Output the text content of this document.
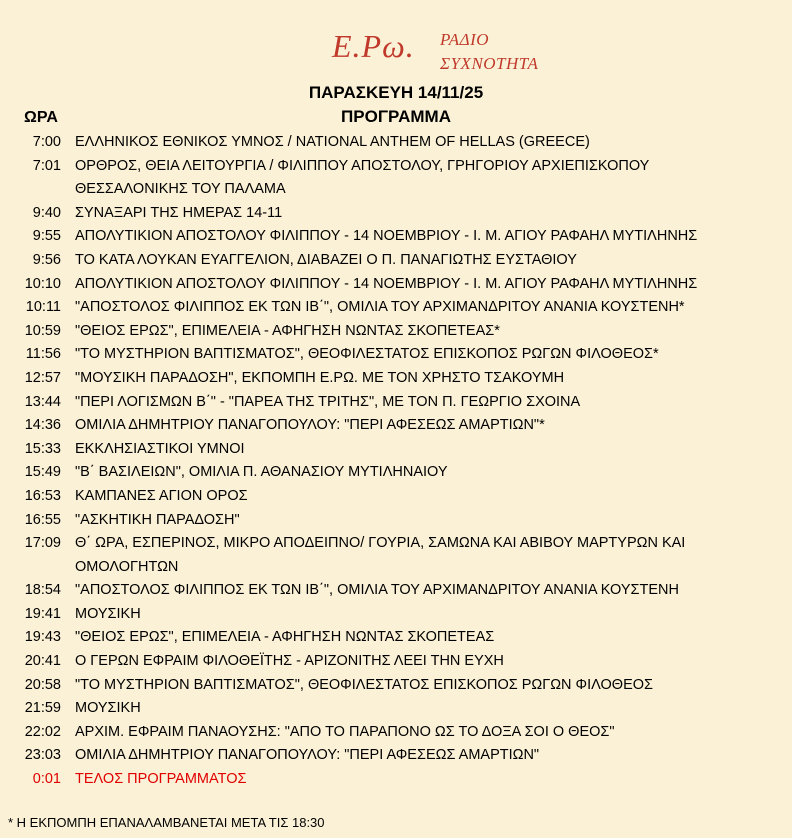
Ε.Ρω. ΡΑΔΙΟ
ΣΥΧΝΟΤΗΤΑ
ΠΑΡΑΣΚΕΥΗ 14/11/25
ΩΡΑ	ΠΡΟΓΡΑΜΜΑ
7:00 ΕΛΛΗΝΙΚΟΣ ΕΘΝΙΚΟΣ ΥΜΝΟΣ / NATIONAL ANTHEM OF HELLAS (GREECE)
7:01 ΟΡΘΡΟΣ, ΘΕΙΑ ΛΕΙΤΟΥΡΓΙΑ / ΦΙΛΙΠΠΟΥ ΑΠΟΣΤΟΛΟΥ, ΓΡΗΓΟΡΙΟΥ ΑΡΧΙΕΠΙΣΚΟΠΟΥ ΘΕΣΣΑΛΟΝΙΚΗΣ ΤΟΥ ΠΑΛΑΜΑ
9:40 ΣΥΝΑΞΑΡΙ ΤΗΣ ΗΜΕΡΑΣ 14-11
9:55 ΑΠΟΛΥΤΙΚΙΟΝ ΑΠΟΣΤΟΛΟΥ ΦΙΛΙΠΠΟΥ - 14 ΝΟΕΜΒΡΙΟΥ - Ι. Μ. ΑΓΙΟΥ ΡΑΦΑΗΛ ΜΥΤΙΛΗΝΗΣ
9:56 ΤΟ ΚΑΤΑ ΛΟΥΚΑΝ ΕΥΑΓΓΕΛΙΟΝ, ΔΙΑΒΑΖΕΙ Ο Π. ΠΑΝΑΓΙΩΤΗΣ ΕΥΣΤΑΘΙΟΥ
10:10 ΑΠΟΛΥΤΙΚΙΟΝ ΑΠΟΣΤΟΛΟΥ ΦΙΛΙΠΠΟΥ - 14 ΝΟΕΜΒΡΙΟΥ - Ι. Μ. ΑΓΙΟΥ ΡΑΦΑΗΛ ΜΥΤΙΛΗΝΗΣ
10:11 "ΑΠΟΣΤΟΛΟΣ ΦΙΛΙΠΠΟΣ ΕΚ ΤΩΝ ΙΒ΄", ΟΜΙΛΙΑ ΤΟΥ ΑΡΧΙΜΑΝΔΡΙΤΟΥ ΑΝΑΝΙΑ ΚΟΥΣΤΕΝΗ*
10:59 "ΘΕΙΟΣ ΕΡΩΣ", ΕΠΙΜΕΛΕΙΑ - ΑΦΗΓΗΣΗ ΝΩΝΤΑΣ ΣΚΟΠΕΤΕΑΣ*
11:56 "ΤΟ ΜΥΣΤΗΡΙΟΝ ΒΑΠΤΙΣΜΑΤΟΣ", ΘΕΟΦΙΛΕΣΤΑΤΟΣ ΕΠΙΣΚΟΠΟΣ ΡΩΓΩΝ ΦΙΛΟΘΕΟΣ*
12:57 "ΜΟΥΣΙΚΗ ΠΑΡΑΔΟΣΗ", ΕΚΠΟΜΠΗ Ε.ΡΩ. ΜΕ ΤΟΝ ΧΡΗΣΤΟ ΤΣΑΚΟΥΜΗ
13:44 "ΠΕΡΙ ΛΟΓΙΣΜΩΝ Β΄" - "ΠΑΡΕΑ ΤΗΣ ΤΡΙΤΗΣ", ΜΕ ΤΟΝ Π. ΓΕΩΡΓΙΟ ΣΧΟΙΝΑ
14:36 ΟΜΙΛΙΑ ΔΗΜΗΤΡΙΟΥ ΠΑΝΑΓΟΠΟΥΛΟΥ: "ΠΕΡΙ ΑΦΕΣΕΩΣ ΑΜΑΡΤΙΩΝ"*
15:33 ΕΚΚΛΗΣΙΑΣΤΙΚΟΙ ΥΜΝΟΙ
15:49 "Β΄ ΒΑΣΙΛΕΙΩΝ", ΟΜΙΛΙΑ Π. ΑΘΑΝΑΣΙΟΥ ΜΥΤΙΛΗΝΑΙΟΥ
16:53 ΚΑΜΠΑΝΕΣ ΑΓΙΟΝ ΟΡΟΣ
16:55 "ΑΣΚΗΤΙΚΗ ΠΑΡΑΔΟΣΗ"
17:09 Θ΄ ΩΡΑ, ΕΣΠΕΡΙΝΟΣ, ΜΙΚΡΟ ΑΠΟΔΕΙΠΝΟ/ ΓΟΥΡΙΑ, ΣΑΜΩΝΑ ΚΑΙ ΑΒΙΒΟΥ ΜΑΡΤΥΡΩΝ ΚΑΙ ΟΜΟΛΟΓΗΤΩΝ
18:54 "ΑΠΟΣΤΟΛΟΣ ΦΙΛΙΠΠΟΣ ΕΚ ΤΩΝ ΙΒ΄", ΟΜΙΛΙΑ ΤΟΥ ΑΡΧΙΜΑΝΔΡΙΤΟΥ ΑΝΑΝΙΑ ΚΟΥΣΤΕΝΗ
19:41 ΜΟΥΣΙΚΗ
19:43 "ΘΕΙΟΣ ΕΡΩΣ", ΕΠΙΜΕΛΕΙΑ - ΑΦΗΓΗΣΗ ΝΩΝΤΑΣ ΣΚΟΠΕΤΕΑΣ
20:41 Ο ΓΕΡΩΝ ΕΦΡΑΙΜ ΦΙΛΟΘΕΪΤΗΣ - ΑΡΙΖΟΝΙΤΗΣ ΛΕΕΙ ΤΗΝ ΕΥΧΗ
20:58 "ΤΟ ΜΥΣΤΗΡΙΟΝ ΒΑΠΤΙΣΜΑΤΟΣ", ΘΕΟΦΙΛΕΣΤΑΤΟΣ ΕΠΙΣΚΟΠΟΣ ΡΩΓΩΝ ΦΙΛΟΘΕΟΣ
21:59 ΜΟΥΣΙΚΗ
22:02 ΑΡΧΙΜ. ΕΦΡΑΙΜ ΠΑΝΑΟΥΣΗΣ: "ΑΠΟ ΤΟ ΠΑΡΑΠΟΝΟ ΩΣ ΤΟ ΔΟΞΑ ΣΟΙ Ο ΘΕΟΣ"
23:03 ΟΜΙΛΙΑ ΔΗΜΗΤΡΙΟΥ ΠΑΝΑΓΟΠΟΥΛΟΥ: "ΠΕΡΙ ΑΦΕΣΕΩΣ ΑΜΑΡΤΙΩΝ"
0:01 ΤΕΛΟΣ ΠΡΟΓΡΑΜΜΑΤΟΣ
* Η ΕΚΠΟΜΠΗ ΕΠΑΝΑΛΑΜΒΑΝΕΤΑΙ ΜΕΤΑ ΤΙΣ 18:30
